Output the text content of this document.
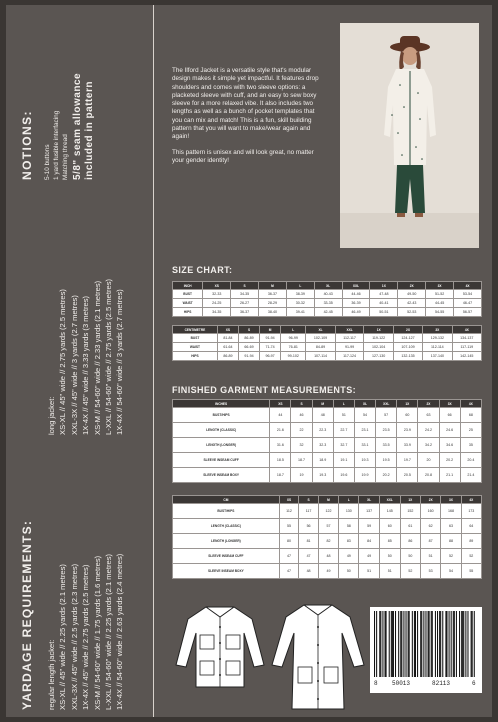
NOTIONS: 5-10 buttons 1 yard fusible interfacing Matching thread 5/8" seam allowance included in pattern
YARDAGE REQUIREMENTS: regular length jacket: XS-XL // 45" wide // 2.25 yards (2.1 metres) XXL-3X // 45" wide // 2.5 yards (2.3 metres) 1X-4X // 45" wide // 2.75 yards (2.5 metres) XS-M // 54-60" wide // 1.75 yards (1.6 metres) L-XXL // 54-60" wide // 2.25 yards (2.1 metres) 1X-4X // 54-60" wide // 2.63 yards (2.4 metres)
long jacket: XS-XL // 45" wide // 2.75 yards (2.5 metres) XXL-3X // 45" wide // 3 yards (2.7 metres) 1X-4X // 45" wide // 3.33 yards (3 metres) XS-M // 54-60" wide // 2.33 yards (2.1 metres) L-XXL // 54-60" wide // 2.75 yards (2.5 metres) 1X-4X // 54-60" wide // 3 yards (2.7 metres)

The Ilford Jacket is a versatile style that's modular design makes it simple yet impactful. It features drop shoulders and comes with two sleeve options: a placketed sleeve with cuff, and an easy to sew boxy sleeve for a more relaxed vibe. It also includes two lengths as well as a bunch of pocket templates that you can mix and match! This is a fun, skill building pattern that you will want to make/wear again and again!

This pattern is unisex and will look great, no matter your gender identity!

SIZE CHART:
INCH	XS	S	M	L	XL	XXL	1X	2X	3X	4X
BUST	32-33	34-35	36-37	38-39	40-43	44-46	47-48	49-50	51-52	53-54
WAIST	24-25	26-27	28-29	30-32	33-35	36-39	40-41	42-43	44-45	46-47
HIPS	34-35	36-37	38-40	39-41	42-45	46-49	50-51	52-53	54-55	56-57
CENTIMETRE	XS	S	M	L	XL	XXL	1X	2X	3X	4X
BUST	81-84	86-89	91-94	96-99	102-109	112-117	119-122	124-127	129-132	134-137
WAIST	61-64	66-69	71-74	76-81	84-89	91-99	102-104	107-109	112-114	117-119
HIPS	86-89	91-94	96-97	99-102	107-114	117-124	127-130	132-135	137-140	142-145
FINISHED GARMENT MEASUREMENTS:
INCHES	XS	S	M	L	XL	XXL	1X	2X	3X	4X
BUST/HIPS	44	46	48	51	54	57	60	63	66	68
LENGTH (CLASSIC)	21.6	22	22.3	22.7	23.1	23.5	23.9	24.2	24.6	25
LENGTH (LONGER)	31.6	32	32.3	32.7	33.1	33.5	33.9	34.2	34.6	35
SLEEVE INSEAM CUFF	18.5	18.7	18.9	19.1	19.3	19.5	19.7	20	20.2	20.4
SLEEVE INSEAM BOXY	18.7	19	19.3	19.6	19.9	20.2	20.5	20.8	21.1	21.4
CM	XS	S	M	L	XL	XXL	1X	2X	3X	4X
BUST/HIPS	112	117	122	130	137	145	152	160	168	173
LENGTH (CLASSIC)	55	56	57	58	59	60	61	62	63	64
LENGTH (LONGER)	80	81	82	83	84	85	86	87	88	89
SLEEVE INSEAM CUFF	47	47	48	49	49	50	50	51	52	52
SLEEVE INSEAM BOXY	47	48	49	50	51	51	52	53	54	55
8 50013	82113	6
